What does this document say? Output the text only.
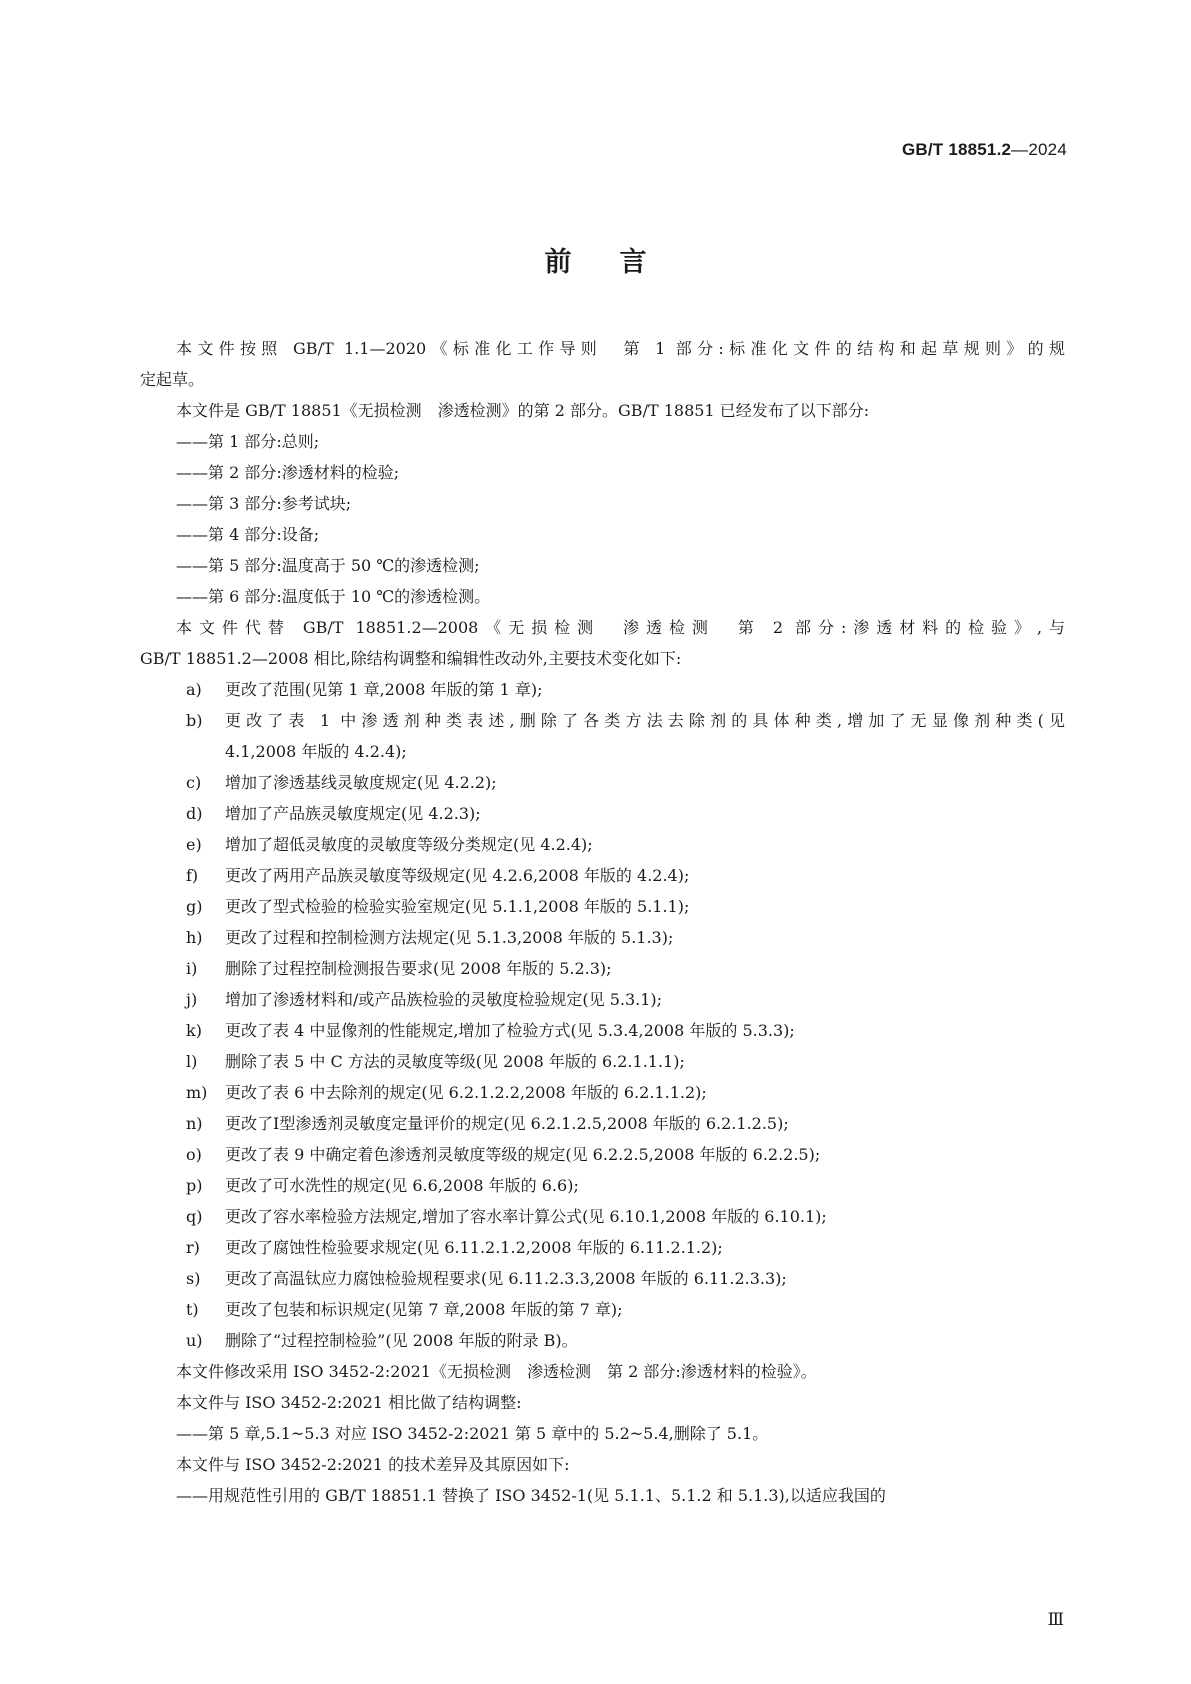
GB/T 18851.2—2024
前言
本文件按照 GB/T 1.1—2020《标准化工作导则　第 1 部分:标准化文件的结构和起草规则》的规
定起草。
本文件是 GB/T 18851《无损检测　渗透检测》的第 2 部分。GB/T 18851 已经发布了以下部分:
——第 1 部分:总则;
——第 2 部分:渗透材料的检验;
——第 3 部分:参考试块;
——第 4 部分:设备;
——第 5 部分:温度高于 50 ℃的渗透检测;
——第 6 部分:温度低于 10 ℃的渗透检测。
本文件代替 GB/T 18851.2—2008《无损检测　渗透检测　第 2 部分:渗透材料的检验》,与
GB/T 18851.2—2008 相比,除结构调整和编辑性改动外,主要技术变化如下:
a)	更改了范围(见第 1 章,2008 年版的第 1 章);
b)	更改了表 1 中渗透剂种类表述,删除了各类方法去除剂的具体种类,增加了无显像剂种类(见
4.1,2008 年版的 4.2.4);
c)	增加了渗透基线灵敏度规定(见 4.2.2);
d)	增加了产品族灵敏度规定(见 4.2.3);
e)	增加了超低灵敏度的灵敏度等级分类规定(见 4.2.4);
f)	更改了两用产品族灵敏度等级规定(见 4.2.6,2008 年版的 4.2.4);
g)	更改了型式检验的检验实验室规定(见 5.1.1,2008 年版的 5.1.1);
h)	更改了过程和控制检测方法规定(见 5.1.3,2008 年版的 5.1.3);
i)	删除了过程控制检测报告要求(见 2008 年版的 5.2.3);
j)	增加了渗透材料和/或产品族检验的灵敏度检验规定(见 5.3.1);
k)	更改了表 4 中显像剂的性能规定,增加了检验方式(见 5.3.4,2008 年版的 5.3.3);
l)	删除了表 5 中 C 方法的灵敏度等级(见 2008 年版的 6.2.1.1.1);
m)	更改了表 6 中去除剂的规定(见 6.2.1.2.2,2008 年版的 6.2.1.1.2);
n)	更改了Ⅰ型渗透剂灵敏度定量评价的规定(见 6.2.1.2.5,2008 年版的 6.2.1.2.5);
o)	更改了表 9 中确定着色渗透剂灵敏度等级的规定(见 6.2.2.5,2008 年版的 6.2.2.5);
p)	更改了可水洗性的规定(见 6.6,2008 年版的 6.6);
q)	更改了容水率检验方法规定,增加了容水率计算公式(见 6.10.1,2008 年版的 6.10.1);
r)	更改了腐蚀性检验要求规定(见 6.11.2.1.2,2008 年版的 6.11.2.1.2);
s)	更改了高温钛应力腐蚀检验规程要求(见 6.11.2.3.3,2008 年版的 6.11.2.3.3);
t)	更改了包装和标识规定(见第 7 章,2008 年版的第 7 章);
u)	删除了“过程控制检验”(见 2008 年版的附录 B)。
本文件修改采用 ISO 3452-2:2021《无损检测　渗透检测　第 2 部分:渗透材料的检验》。
本文件与 ISO 3452-2:2021 相比做了结构调整:
——第 5 章,5.1~5.3 对应 ISO 3452-2:2021 第 5 章中的 5.2~5.4,删除了 5.1。
本文件与 ISO 3452-2:2021 的技术差异及其原因如下:
——用规范性引用的 GB/T 18851.1 替换了 ISO 3452-1(见 5.1.1、5.1.2 和 5.1.3),以适应我国的
Ⅲ
